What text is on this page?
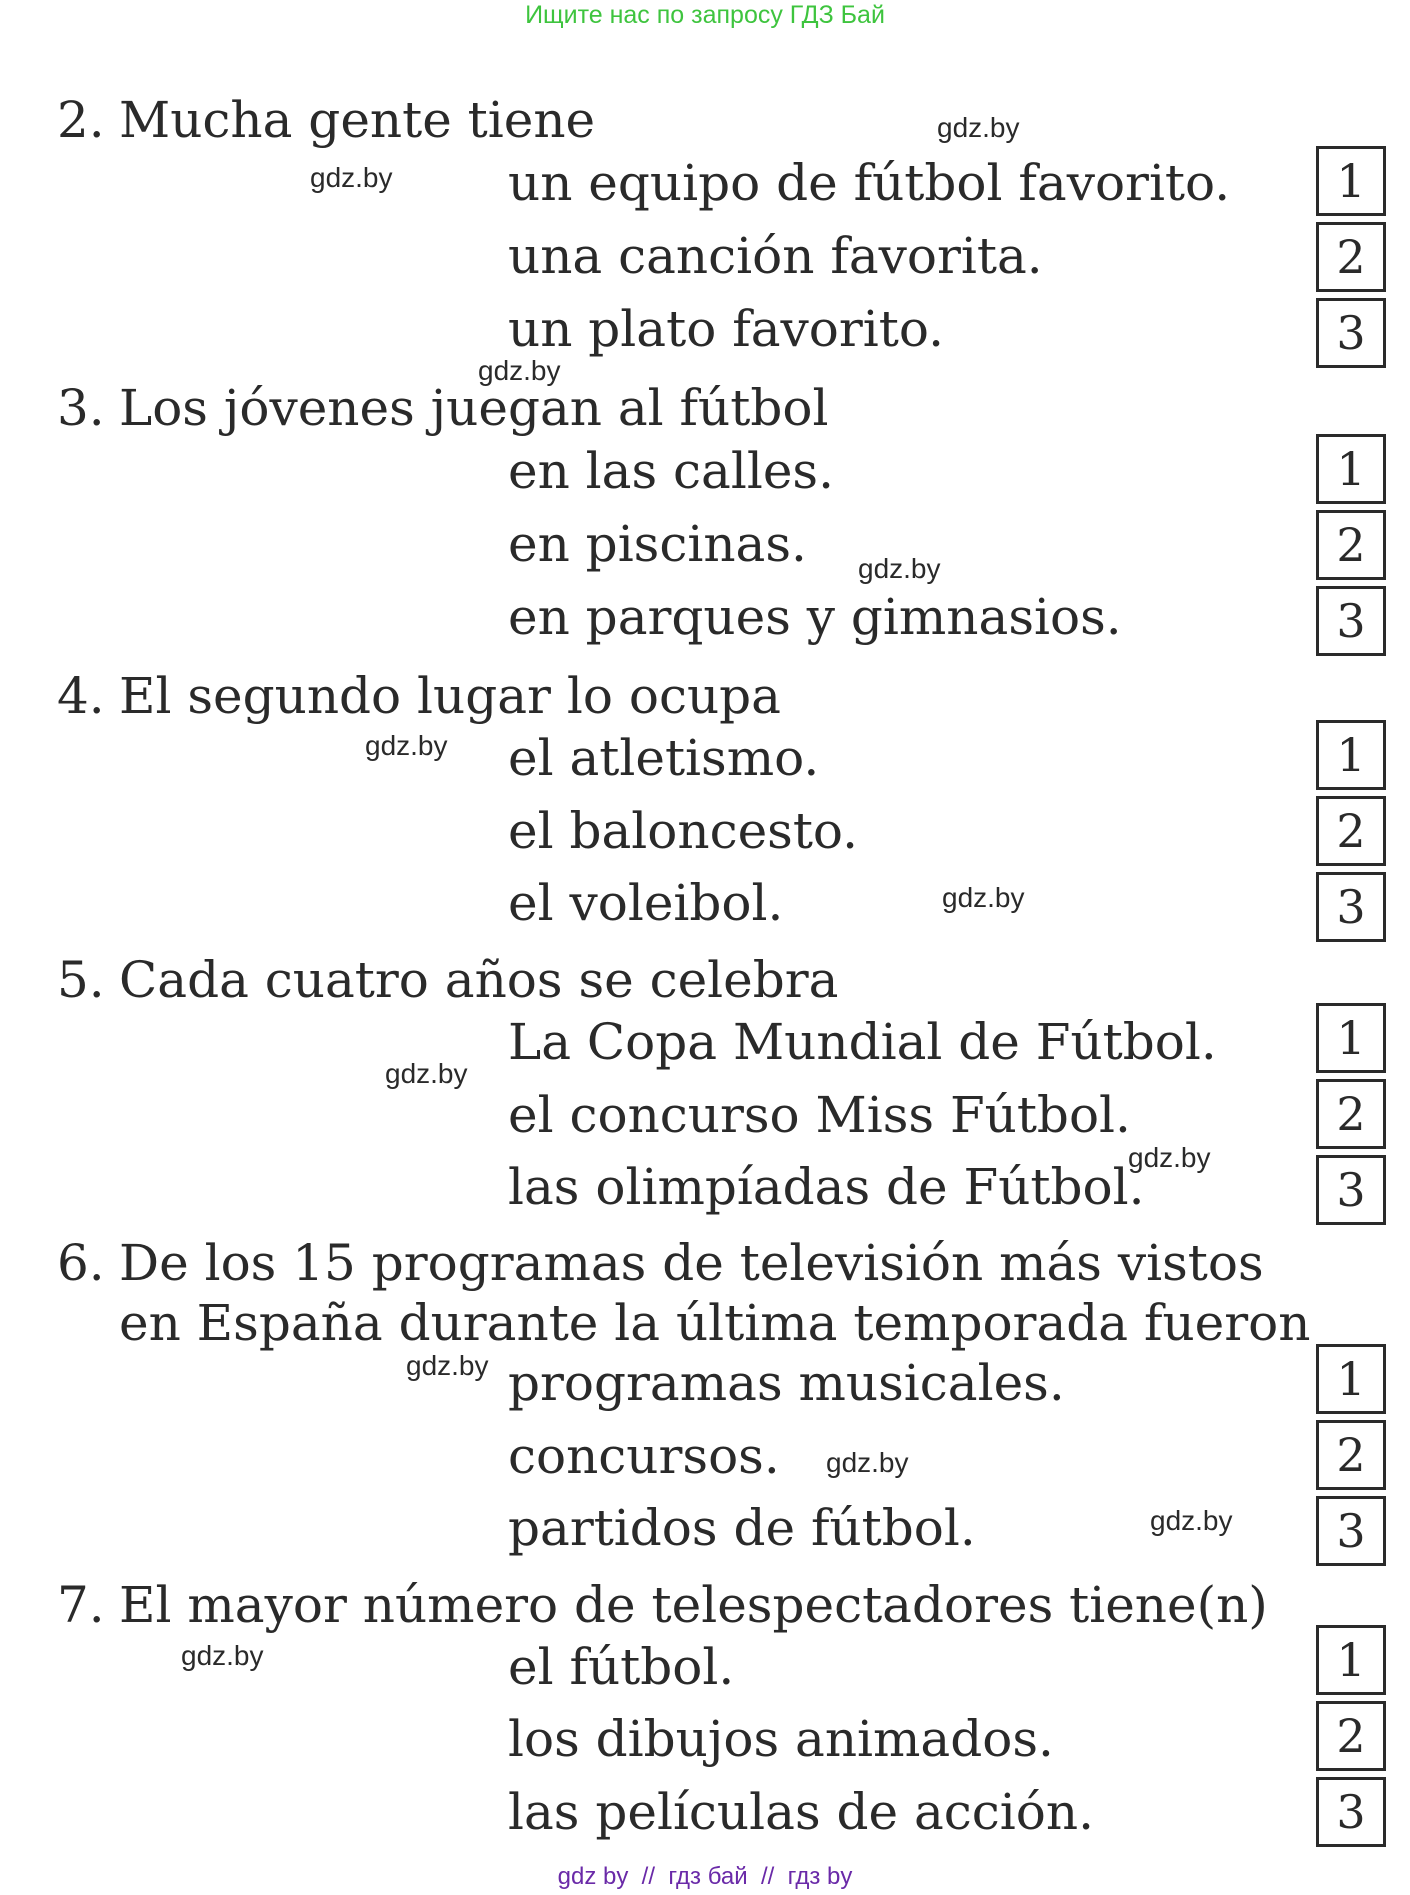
Ищите нас по запросу ГДЗ Бай
2. Mucha gente tiene
un equipo de fútbol favorito.
una canción favorita.
un plato favorito.
1
2
3
3. Los jóvenes juegan al fútbol
en las calles.
en piscinas.
en parques y gimnasios.
1
2
3
4. El segundo lugar lo ocupa
el atletismo.
el baloncesto.
el voleibol.
1
2
3
5. Cada cuatro años se celebra
La Copa Mundial de Fútbol.
el concurso Miss Fútbol.
las olimpíadas de Fútbol.
1
2
3
6. De los 15 programas de televisión más vistos
en España durante la última temporada fueron
programas musicales.
concursos.
partidos de fútbol.
1
2
3
7. El mayor número de telespectadores tiene(n)
el fútbol.
los dibujos animados.
las películas de acción.
1
2
3
gdz.by
gdz.by
gdz.by
gdz.by
gdz.by
gdz.by
gdz.by
gdz.by
gdz.by
gdz.by
gdz.by
gdz.by
gdz by  //  гдз бай  //  гдз by
